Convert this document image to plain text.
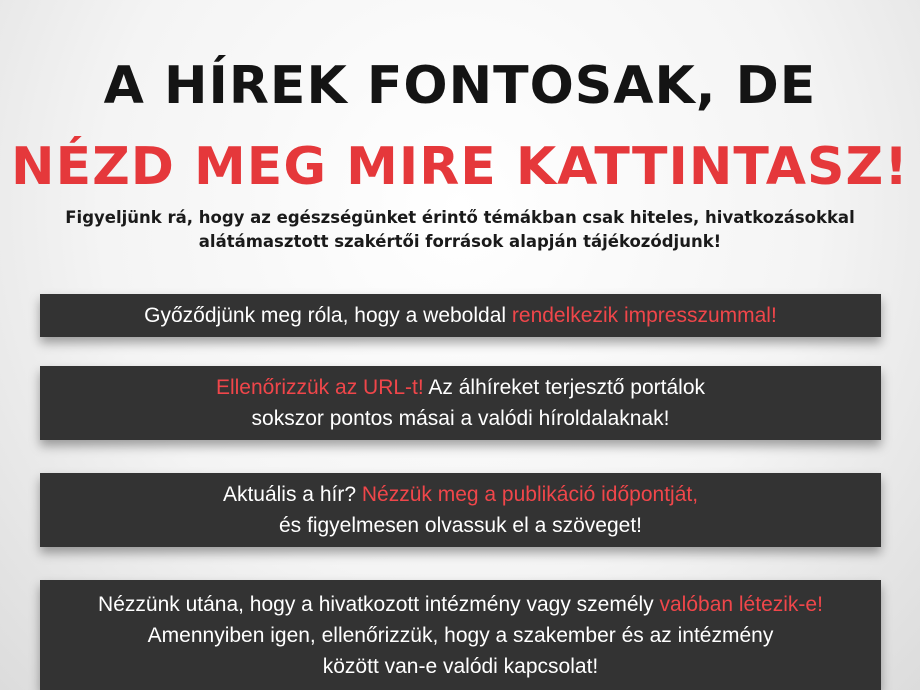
A HÍREK FONTOSAK, DE
NÉZD MEG MIRE KATTINTASZ!
Figyeljünk rá, hogy az egészségünket érintő témákban csak hiteles, hivatkozásokkal
alátámasztott szakértői források alapján tájékozódjunk!
Győződjünk meg róla, hogy a weboldal rendelkezik impresszummal!
Ellenőrizzük az URL-t! Az álhíreket terjesztő portálok
sokszor pontos másai a valódi híroldalaknak!
Aktuális a hír? Nézzük meg a publikáció időpontját,
és figyelmesen olvassuk el a szöveget!
Nézzünk utána, hogy a hivatkozott intézmény vagy személy valóban létezik-e!
Amennyiben igen, ellenőrizzük, hogy a szakember és az intézmény
között van-e valódi kapcsolat!
